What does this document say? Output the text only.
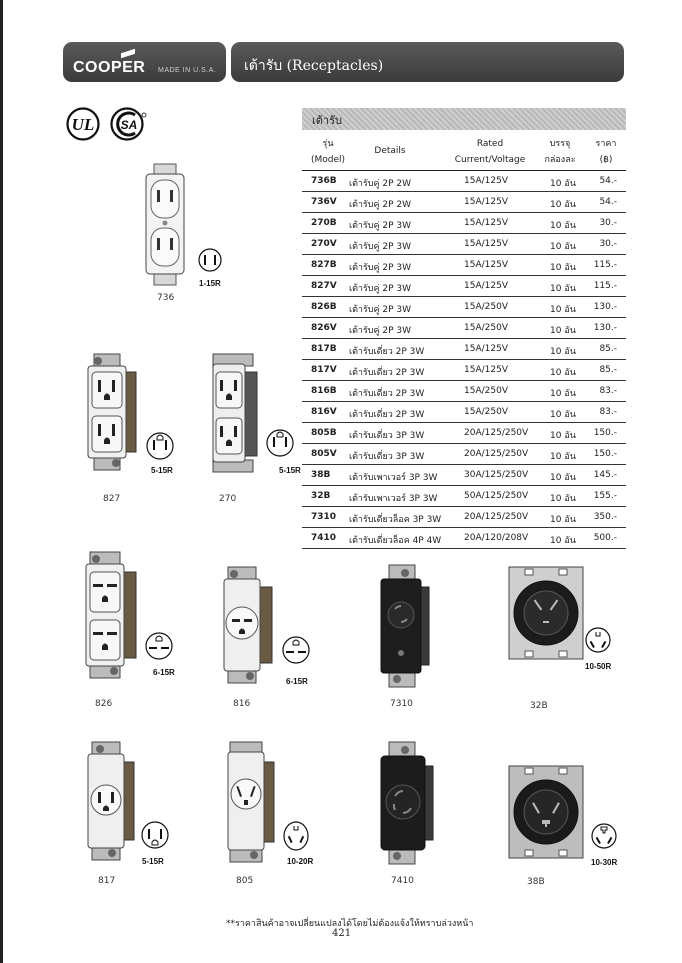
COOPER MADE IN U.S.A. เต้ารับ (Receptacles)
UL SA	เต้ารับ
รุ่น
(Model)
Details
Rated
Current/Voltage
บรรจุ
กล่องละ
ราคา
(฿)
736B เต้ารับคู่ 2P 2W	15A/125V	10 อัน	54.-
736V เต้ารับคู่ 2P 2W	15A/125V	10 อัน	54.-
270B เต้ารับคู่ 2P 3W	15A/125V	10 อัน	30.-
270V เต้ารับคู่ 2P 3W	15A/125V	10 อัน	30.-
827B เต้ารับคู่ 2P 3W	15A/125V	10 อัน 115.-
827V เต้ารับคู่ 2P 3W	15A/125V	10 อัน 115.-
826B เต้ารับคู่ 2P 3W	15A/250V	10 อัน 130.-
826V เต้ารับคู่ 2P 3W	15A/250V	10 อัน 130.-
817B เต้ารับเดี่ยว 2P 3W	15A/125V	10 อัน	85.-
817V เต้ารับเดี่ยว 2P 3W	15A/125V	10 อัน	85.-
816B เต้ารับเดี่ยว 2P 3W	15A/250V	10 อัน	83.-
816V เต้ารับเดี่ยว 2P 3W	15A/250V	10 อัน	83.-
805B เต้ารับเดี่ยว 3P 3W	20A/125/250V 10 อัน 150.-
805V เต้ารับเดี่ยว 3P 3W	20A/125/250V 10 อัน 150.-
38B เต้ารับเพาเวอร์ 3P 3W	30A/125/250V 10 อัน 145.-
32B เต้ารับเพาเวอร์ 3P 3W	50A/125/250V 10 อัน 155.-
7310 เต้ารับเดี่ยวล็อค 3P 3W	20A/125/250V 10 อัน 350.-
7410 เต้ารับเดี่ยวล็อค 4P 4W	20A/120/208V 10 อัน 500.-
1-15R
736
5-15R
827
5-15R
270
6-15R
826
6-15R
816	7310
10-50R
32B
5-15R
817
10-20R
805	7410
10-30R
38B
**ราคาสินค้าอาจเปลี่ยนแปลงได้โดยไม่ต้องแจ้งให้ทราบล่วงหน้า
421
